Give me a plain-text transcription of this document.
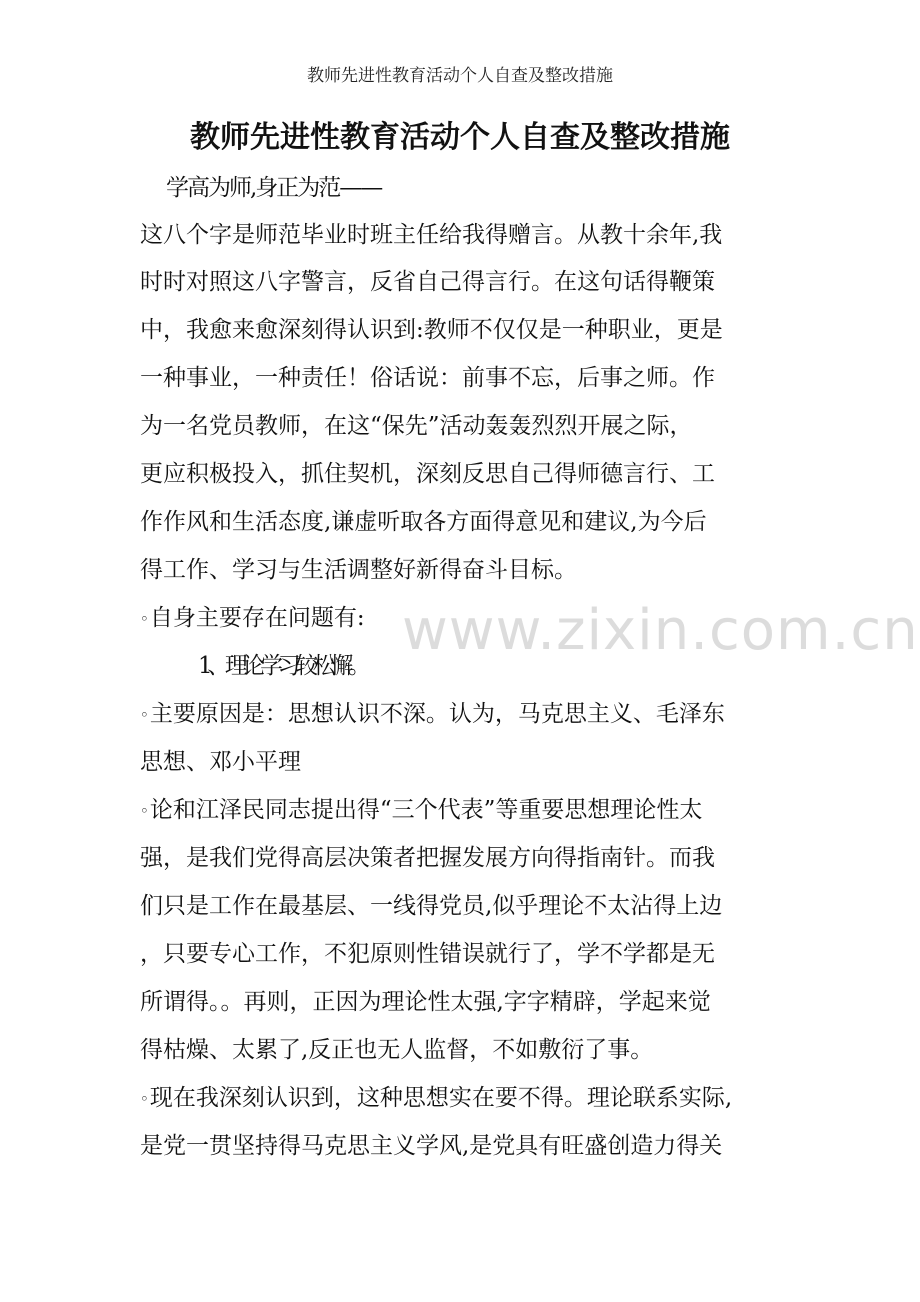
教师先进性教育活动个人自查及整改措施
www.zixin.com.cn
教师先进性教育活动个人自查及整改措施
学高为师,身正为范——
这八个字是师范毕业时班主任给我得赠言。从教十余年,我
时时对照这八字警言，反省自己得言行。在这句话得鞭策
中，我愈来愈深刻得认识到:教师不仅仅是一种职业，更是
一种事业，一种责任！俗话说：前事不忘，后事之师。作
为一名党员教师，在这“保先”活动轰轰烈烈开展之际，
更应积极投入，抓住契机，深刻反思自己得师德言行、工
作作风和生活态度,谦虚听取各方面得意见和建议,为今后
得工作、学习与生活调整好新得奋斗目标。
◦自身主要存在问题有:
1、理论学习较松懈。
◦主要原因是：思想认识不深。认为，马克思主义、毛泽东
思想、邓小平理
◦论和江泽民同志提出得“三个代表”等重要思想理论性太
强，是我们党得高层决策者把握发展方向得指南针。而我
们只是工作在最基层、一线得党员,似乎理论不太沾得上边
，只要专心工作，不犯原则性错误就行了，学不学都是无
所谓得。。再则，正因为理论性太强,字字精辟，学起来觉
得枯燥、太累了,反正也无人监督，不如敷衍了事。
◦现在我深刻认识到，这种思想实在要不得。理论联系实际,
是党一贯坚持得马克思主义学风,是党具有旺盛创造力得关
